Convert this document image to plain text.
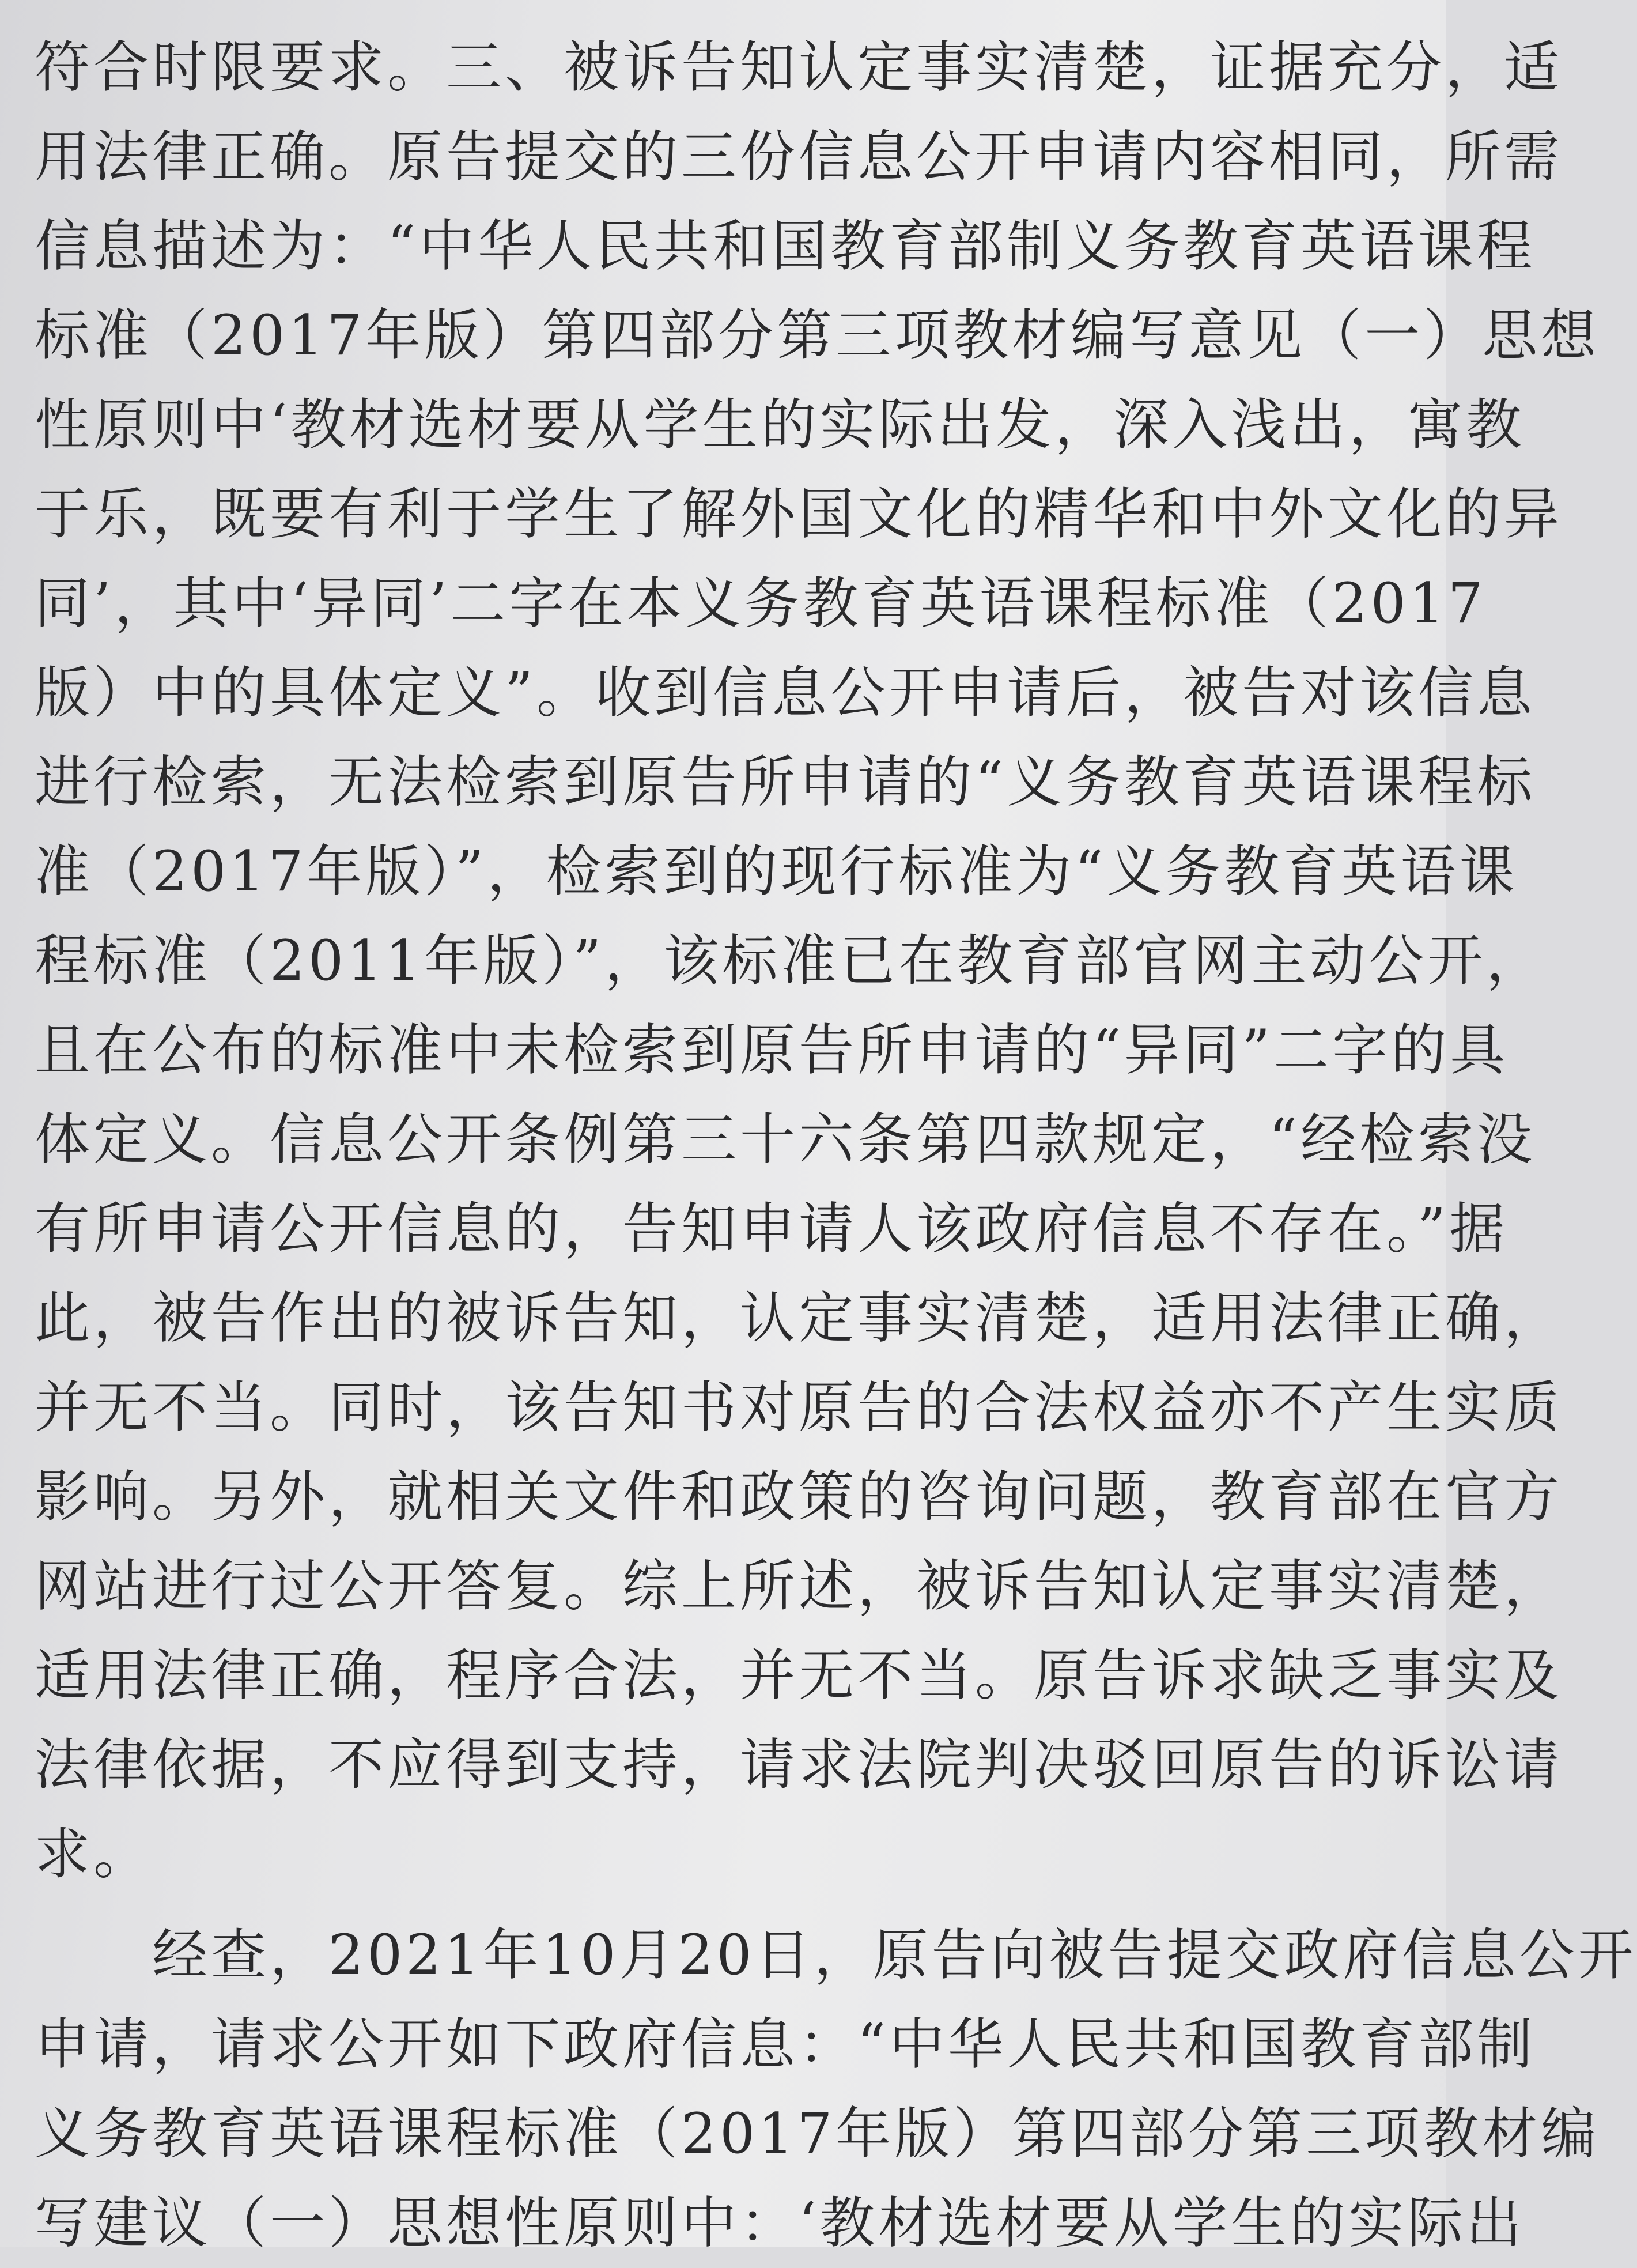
符合时限要求。三、被诉告知认定事实清楚，证据充分，适
用法律正确。原告提交的三份信息公开申请内容相同，所需
信息描述为：“中华人民共和国教育部制义务教育英语课程
标准（2017年版）第四部分第三项教材编写意见（一）思想
性原则中‘教材选材要从学生的实际出发，深入浅出，寓教
于乐，既要有利于学生了解外国文化的精华和中外文化的异
同’，其中‘异同’二字在本义务教育英语课程标准（2017
版）中的具体定义”。收到信息公开申请后，被告对该信息
进行检索，无法检索到原告所申请的“义务教育英语课程标
准（2017年版）”，检索到的现行标准为“义务教育英语课
程标准（2011年版）”，该标准已在教育部官网主动公开，
且在公布的标准中未检索到原告所申请的“异同”二字的具
体定义。信息公开条例第三十六条第四款规定，“经检索没
有所申请公开信息的，告知申请人该政府信息不存在。”据
此，被告作出的被诉告知，认定事实清楚，适用法律正确，
并无不当。同时，该告知书对原告的合法权益亦不产生实质
影响。另外，就相关文件和政策的咨询问题，教育部在官方
网站进行过公开答复。综上所述，被诉告知认定事实清楚，
适用法律正确，程序合法，并无不当。原告诉求缺乏事实及
法律依据，不应得到支持，请求法院判决驳回原告的诉讼请
求。
　　经查，2021年10月20日，原告向被告提交政府信息公开
申请，请求公开如下政府信息：“中华人民共和国教育部制
义务教育英语课程标准（2017年版）第四部分第三项教材编
写建议（一）思想性原则中：‘教材选材要从学生的实际出
